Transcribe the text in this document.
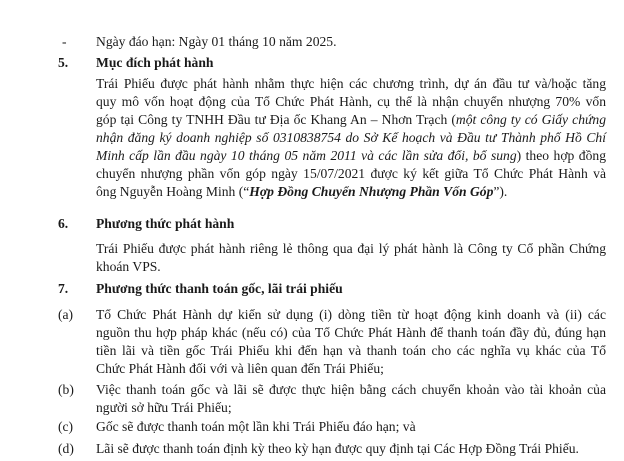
- Ngày đáo hạn: Ngày 01 tháng 10 năm 2025.
5. Mục đích phát hành
Trái Phiếu được phát hành nhằm thực hiện các chương trình, dự án đầu tư và/hoặc tăng
quy mô vốn hoạt động của Tổ Chức Phát Hành, cụ thể là nhận chuyển nhượng 70% vốn
góp tại Công ty TNHH Đầu tư Địa ốc Khang An – Nhơn Trạch (một công ty có Giấy chứng
nhận đăng ký doanh nghiệp số 0310838754 do Sở Kế hoạch và Đầu tư Thành phố Hồ Chí
Minh cấp lần đầu ngày 10 tháng 05 năm 2011 và các lần sửa đổi, bổ sung) theo hợp đồng
chuyển nhượng phần vốn góp ngày 15/07/2021 được ký kết giữa Tổ Chức Phát Hành và
ông Nguyễn Hoàng Minh (“Hợp Đồng Chuyển Nhượng Phần Vốn Góp”).
6. Phương thức phát hành
Trái Phiếu được phát hành riêng lẻ thông qua đại lý phát hành là Công ty Cổ phần Chứng
khoán VPS.
7. Phương thức thanh toán gốc, lãi trái phiếu
(a) Tổ Chức Phát Hành dự kiến sử dụng (i) dòng tiền từ hoạt động kinh doanh và (ii) các
nguồn thu hợp pháp khác (nếu có) của Tổ Chức Phát Hành để thanh toán đầy đủ, đúng hạn
tiền lãi và tiền gốc Trái Phiếu khi đến hạn và thanh toán cho các nghĩa vụ khác của Tổ
Chức Phát Hành đối với và liên quan đến Trái Phiếu;
(b) Việc thanh toán gốc và lãi sẽ được thực hiện bằng cách chuyển khoản vào tài khoản của
người sở hữu Trái Phiếu;
(c) Gốc sẽ được thanh toán một lần khi Trái Phiếu đáo hạn; và
(d) Lãi sẽ được thanh toán định kỳ theo kỳ hạn được quy định tại Các Hợp Đồng Trái Phiếu.
